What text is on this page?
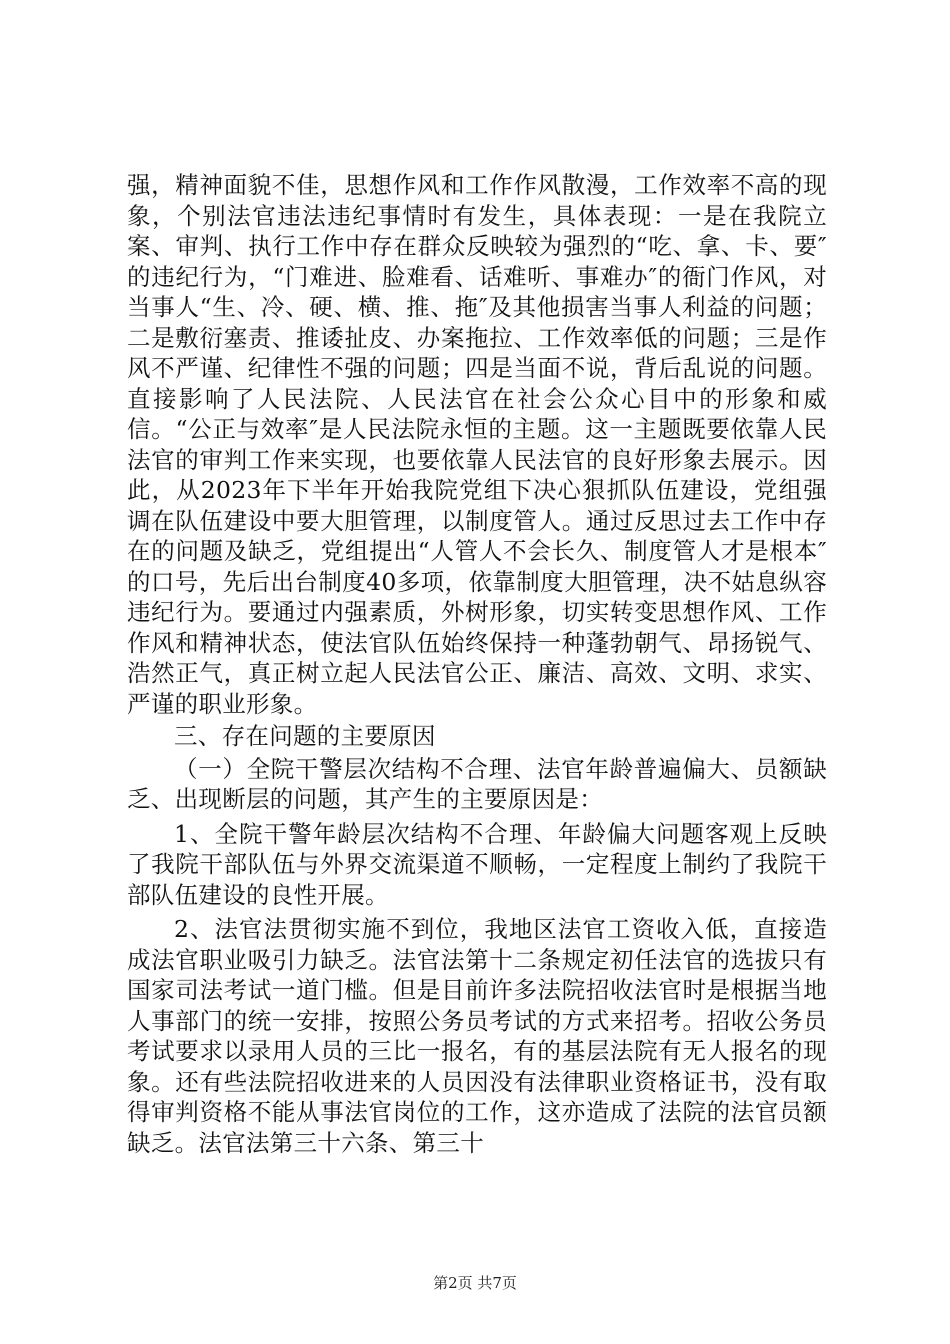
强，精神面貌不佳，思想作风和工作作风散漫，工作效率不高的现象，个别法官违法违纪事情时有发生，具体表现：一是在我院立案、审判、执行工作中存在群众反映较为强烈的“吃、拿、卡、要″的违纪行为，“门难进、脸难看、话难听、事难办″的衙门作风，对当事人“生、冷、硬、横、推、拖″及其他损害当事人利益的问题；二是敷衍塞责、推诿扯皮、办案拖拉、工作效率低的问题；三是作风不严谨、纪律性不强的问题；四是当面不说，背后乱说的问题。直接影响了人民法院、人民法官在社会公众心目中的形象和威信。“公正与效率″是人民法院永恒的主题。这一主题既要依靠人民法官的审判工作来实现，也要依靠人民法官的良好形象去展示。因此，从2023年下半年开始我院党组下决心狠抓队伍建设，党组强调在队伍建设中要大胆管理，以制度管人。通过反思过去工作中存在的问题及缺乏，党组提出“人管人不会长久、制度管人才是根本″的口号，先后出台制度40多项，依靠制度大胆管理，决不姑息纵容违纪行为。要通过内强素质，外树形象，切实转变思想作风、工作作风和精神状态，使法官队伍始终保持一种蓬勃朝气、昂扬锐气、浩然正气，真正树立起人民法官公正、廉洁、高效、文明、求实、严谨的职业形象。

三、存在问题的主要原因

（一）全院干警层次结构不合理、法官年龄普遍偏大、员额缺乏、出现断层的问题，其产生的主要原因是：

1、全院干警年龄层次结构不合理、年龄偏大问题客观上反映了我院干部队伍与外界交流渠道不顺畅，一定程度上制约了我院干部队伍建设的良性开展。

2、法官法贯彻实施不到位，我地区法官工资收入低，直接造成法官职业吸引力缺乏。法官法第十二条规定初任法官的选拔只有国家司法考试一道门槛。但是目前许多法院招收法官时是根据当地人事部门的统一安排，按照公务员考试的方式来招考。招收公务员考试要求以录用人员的三比一报名，有的基层法院有无人报名的现象。还有些法院招收进来的人员因没有法律职业资格证书，没有取得审判资格不能从事法官岗位的工作，这亦造成了法院的法官员额缺乏。法官法第三十六条、第三十

第2页 共7页
